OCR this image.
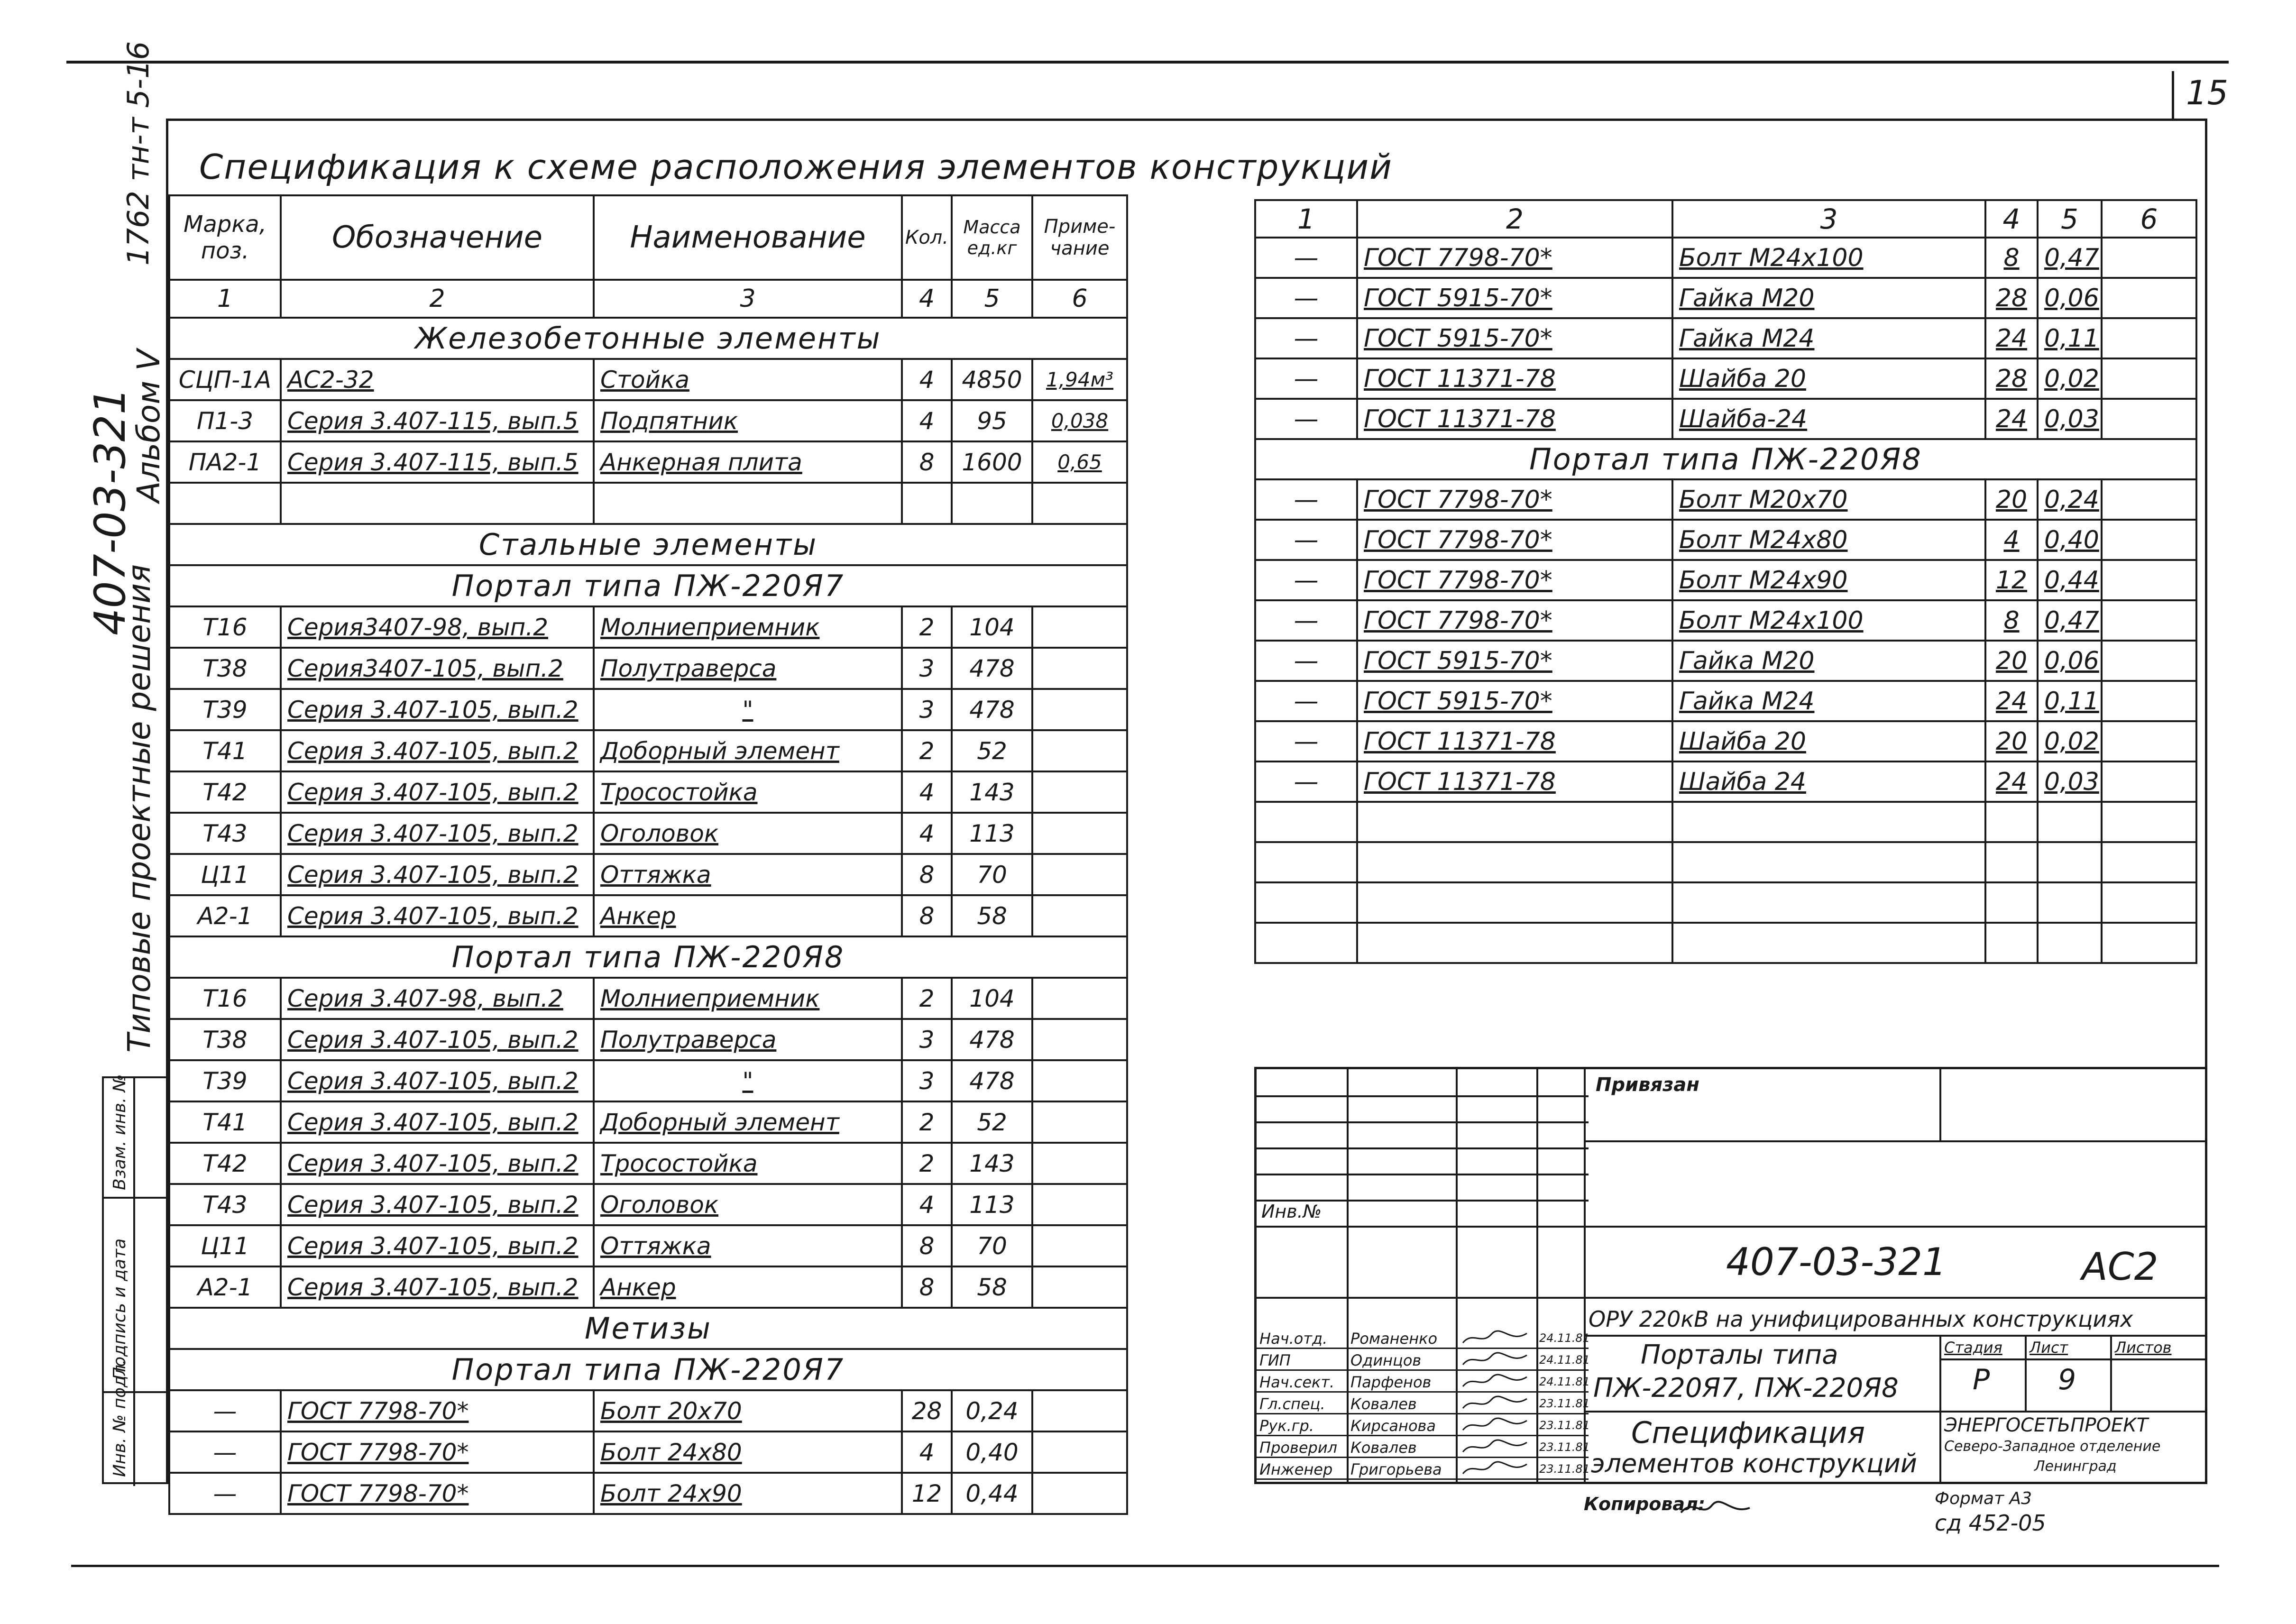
15
1762 тн-т 5-16
407-03-321
Альбом V
Типовые проектные решения
Взам. инв. №
Подпись и дата
Инв. № подл.
Спецификация к схеме расположения элементов конструкций
Марка, поз.	Обозначение	Наименование	Кол.	Масса ед.кг	Приме- чание
1	2	3	4	5	6
Железобетонные элементы					
СЦП-1А	АС2-32	Стойка	4	4850	1,94м³
П1-3	Серия 3.407-115, вып.5	Подпятник	4	95	0,038
ПА2-1	Серия 3.407-115, вып.5	Анкерная плита	8	1600	0,65

Стальные элементы					
Портал типа ПЖ-220Я7					
Т16	Серия3407-98, вып.2	Молниеприемник	2	104	
Т38	Серия3407-105, вып.2	Полутраверса	3	478	
Т39	Серия 3.407-105, вып.2	"	3	478	
Т41	Серия 3.407-105, вып.2	Доборный элемент	2	52	
Т42	Серия 3.407-105, вып.2	Тросостойка	4	143	
Т43	Серия 3.407-105, вып.2	Оголовок	4	113	
Ц11	Серия 3.407-105, вып.2	Оттяжка	8	70	
А2-1	Серия 3.407-105, вып.2	Анкер	8	58	
Портал типа ПЖ-220Я8					
Т16	Серия 3.407-98, вып.2	Молниеприемник	2	104	
Т38	Серия 3.407-105, вып.2	Полутраверса	3	478	
Т39	Серия 3.407-105, вып.2	"	3	478	
Т41	Серия 3.407-105, вып.2	Доборный элемент	2	52	
Т42	Серия 3.407-105, вып.2	Тросостойка	2	143	
Т43	Серия 3.407-105, вып.2	Оголовок	4	113	
Ц11	Серия 3.407-105, вып.2	Оттяжка	8	70	
А2-1	Серия 3.407-105, вып.2	Анкер	8	58	
Метизы					
Портал типа ПЖ-220Я7					
—	ГОСТ 7798-70*	Болт 20х70	28	0,24	
—	ГОСТ 7798-70*	Болт 24х80	4	0,40	
—	ГОСТ 7798-70*	Болт 24х90	12	0,44	
1	2	3	4	5	6
—	ГОСТ 7798-70*	Болт М24х100	8	0,47	
—	ГОСТ 5915-70*	Гайка М20	28	0,06	
—	ГОСТ 5915-70*	Гайка М24	24	0,11	
—	ГОСТ 11371-78	Шайба 20	28	0,02	
—	ГОСТ 11371-78	Шайба-24	24	0,03	
Портал типа ПЖ-220Я8					
—	ГОСТ 7798-70*	Болт М20х70	20	0,24	
—	ГОСТ 7798-70*	Болт М24х80	4	0,40	
—	ГОСТ 7798-70*	Болт М24х90	12	0,44	
—	ГОСТ 7798-70*	Болт М24х100	8	0,47	
—	ГОСТ 5915-70*	Гайка М20	20	0,06	
—	ГОСТ 5915-70*	Гайка М24	24	0,11	
—	ГОСТ 11371-78	Шайба 20	20	0,02	
—	ГОСТ 11371-78	Шайба 24	24	0,03	

Привязан
Инв.№
407-03-321	АС2
ОРУ 220кВ на унифицированных конструкциях
Порталы типа
ПЖ-220Я7, ПЖ-220Я8
Спецификация
элементов конструкций
Стадия Лист	Листов
Р 9
ЭНЕРГОСЕТЬПРОЕКТ
Северо-Западное отделение
Ленинград
Нач.отд. Романенко	24.11.81
ГИП	Одинцов	24.11.81
Нач.сект. Парфенов	24.11.81
Гл.спец. Ковалев	23.11.81
Рук.гр. Кирсанова	23.11.81
Проверил Ковалев	23.11.81
Инженер Григорьева	23.11.81
Копировал:	Формат А3
сд 452-05
